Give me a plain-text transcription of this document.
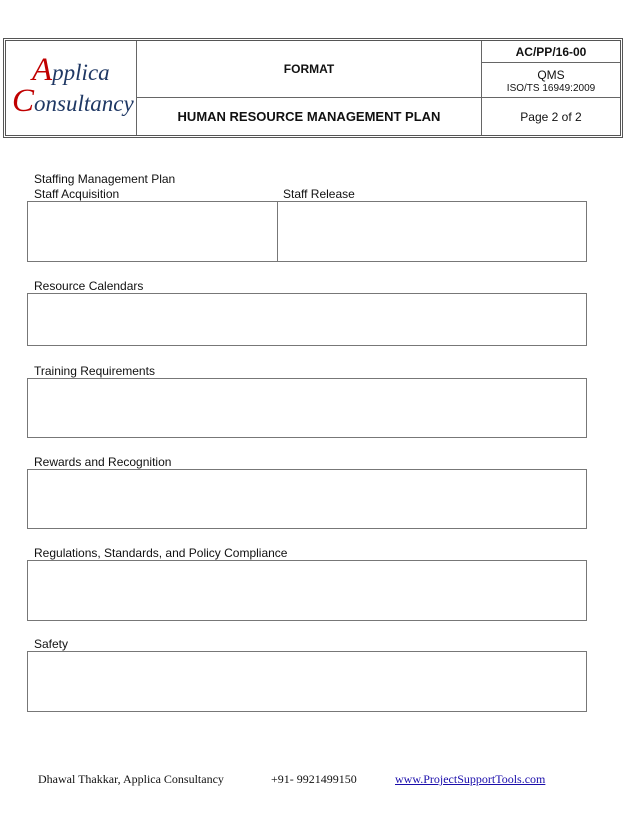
Applica
Consultancy
FORMAT
HUMAN RESOURCE MANAGEMENT PLAN
AC/PP/16-00
QMS
ISO/TS 16949:2009
Page 2 of 2
Staffing Management Plan
Staff Acquisition	Staff Release
Resource Calendars
Training Requirements
Rewards and Recognition
Regulations, Standards, and Policy Compliance
Safety
Dhawal Thakkar, Applica Consultancy	+91- 9921499150	www.ProjectSupportTools.com
